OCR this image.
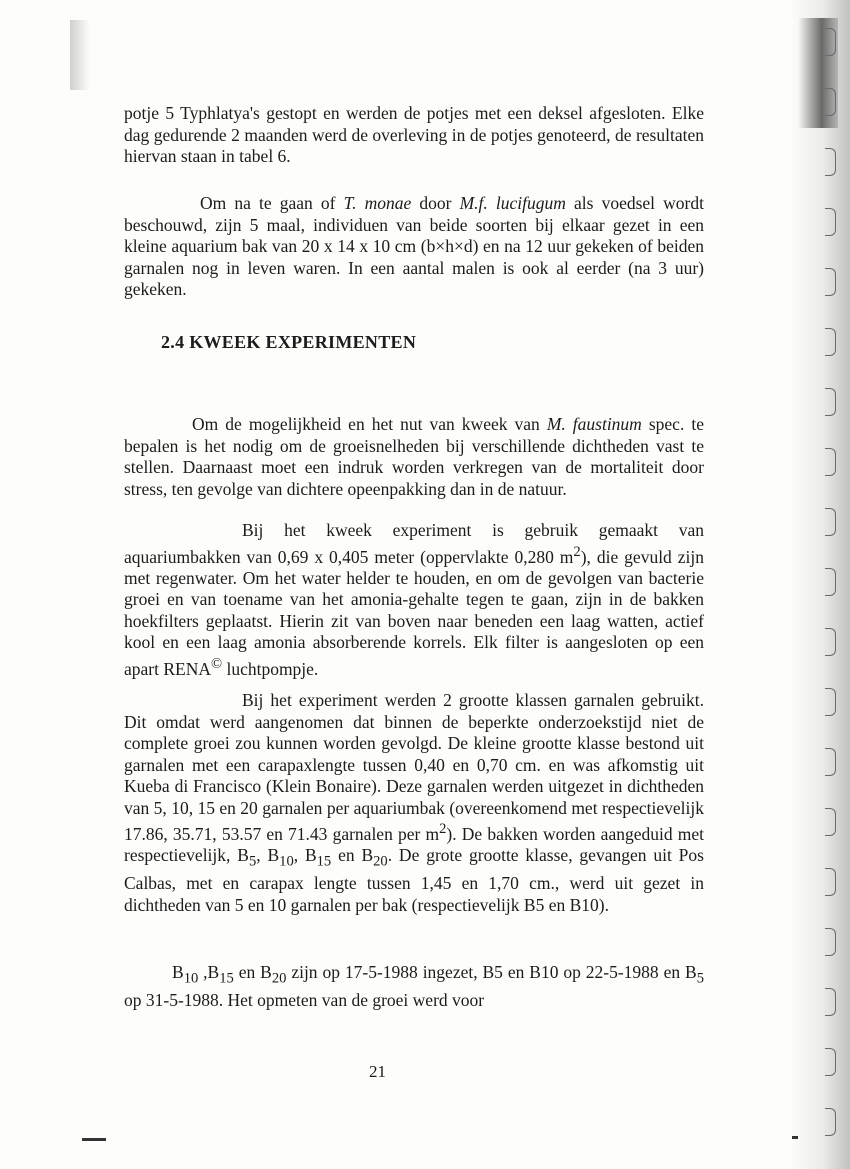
potje 5 Typhlatya's gestopt en werden de potjes met een deksel afgesloten. Elke dag gedurende 2 maanden werd de overleving in de potjes genoteerd, de resultaten hiervan staan in tabel 6.

Om na te gaan of T. monae door M.f. lucifugum als voedsel wordt beschouwd, zijn 5 maal, individuen van beide soorten bij elkaar gezet in een kleine aquarium bak van 20 x 14 x 10 cm (b×h×d) en na 12 uur gekeken of beiden garnalen nog in leven waren. In een aantal malen is ook al eerder (na 3 uur) gekeken.

2.4 KWEEK EXPERIMENTEN

Om de mogelijkheid en het nut van kweek van M. faustinum spec. te bepalen is het nodig om de groeisnelheden bij verschillende dichtheden vast te stellen. Daarnaast moet een indruk worden verkregen van de mortaliteit door stress, ten gevolge van dichtere opeenpakking dan in de natuur.

Bij het kweek experiment is gebruik gemaakt van aquariumbakken van 0,69 x 0,405 meter (oppervlakte 0,280 $m^2$), die gevuld zijn met regenwater. Om het water helder te houden, en om de gevolgen van bacterie groei en van toename van het amonia-gehalte tegen te gaan, zijn in de bakken hoekfilters geplaatst. Hierin zit van boven naar beneden een laag watten, actief kool en een laag amonia absorberende korrels. Elk filter is aangesloten op een apart RENA© luchtpompje.

Bij het experiment werden 2 grootte klassen garnalen gebruikt. Dit omdat werd aangenomen dat binnen de beperkte onderzoekstijd niet de complete groei zou kunnen worden gevolgd. De kleine grootte klasse bestond uit garnalen met een carapaxlengte tussen 0,40 en 0,70 cm. en was afkomstig uit Kueba di Francisco (Klein Bonaire). Deze garnalen werden uitgezet in dichtheden van 5, 10, 15 en 20 garnalen per aquariumbak (overeenkomend met respectievelijk 17.86, 35.71, 53.57 en 71.43 garnalen per $m^2$). De bakken worden aangeduid met respectievelijk, $B_5$, $B_{10}$, $B_{15}$ en $B_{20}$. De grote grootte klasse, gevangen uit Pos Calbas, met en carapax lengte tussen 1,45 en 1,70 cm., werd uit gezet in dichtheden van 5 en 10 garnalen per bak (respectievelijk B5 en B10).

$B_{10}$ $,B_{15}$ en $B_{20}$ zijn op 17-5-1988 ingezet, B5 en B10 op 22-5-1988 en $B_5$ op 31-5-1988. Het opmeten van de groei werd voor

21
